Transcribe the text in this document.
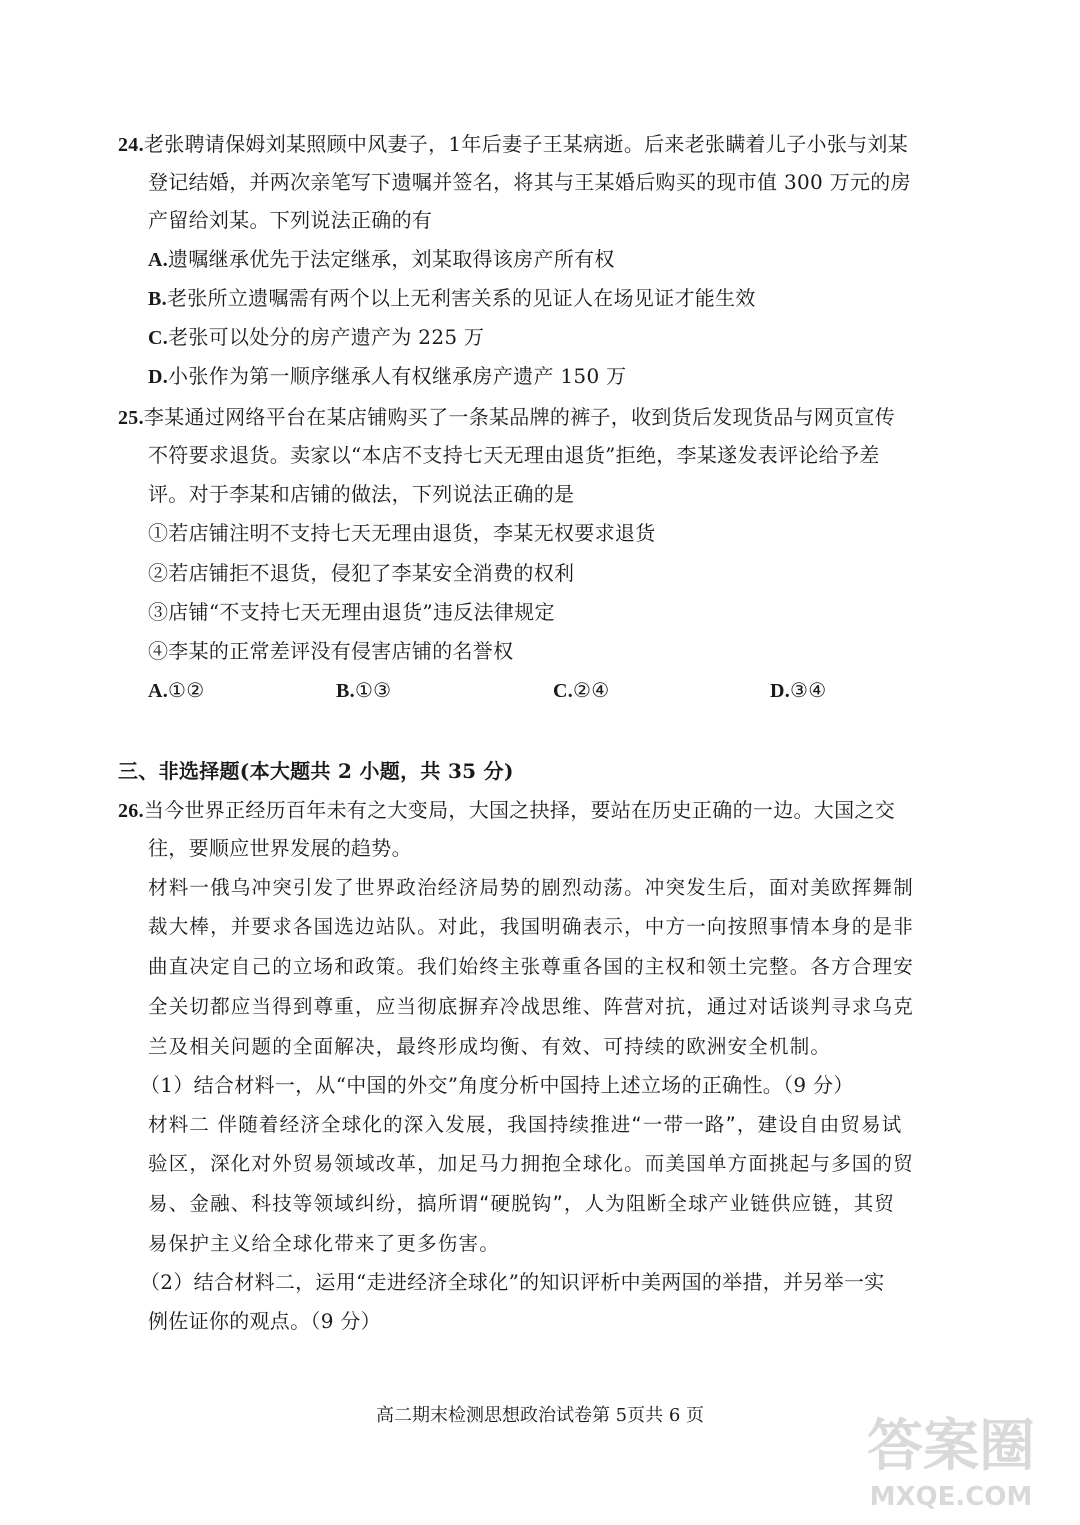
24.老张聘请保姆刘某照顾中风妻子，1年后妻子王某病逝。后来老张瞒着儿子小张与刘某
登记结婚，并两次亲笔写下遗嘱并签名，将其与王某婚后购买的现市值 300 万元的房
产留给刘某。下列说法正确的有
A.遗嘱继承优先于法定继承，刘某取得该房产所有权
B.老张所立遗嘱需有两个以上无利害关系的见证人在场见证才能生效
C.老张可以处分的房产遗产为 225 万
D.小张作为第一顺序继承人有权继承房产遗产 150 万
25.李某通过网络平台在某店铺购买了一条某品牌的裤子，收到货后发现货品与网页宣传
不符要求退货。卖家以“本店不支持七天无理由退货”拒绝，李某遂发表评论给予差
评。对于李某和店铺的做法，下列说法正确的是
①若店铺注明不支持七天无理由退货，李某无权要求退货
②若店铺拒不退货，侵犯了李某安全消费的权利
③店铺“不支持七天无理由退货”违反法律规定
④李某的正常差评没有侵害店铺的名誉权
A.①②	B.①③	C.②④	D.③④
三、非选择题(本大题共 2 小题，共 35 分)
26.当今世界正经历百年未有之大变局，大国之抉择，要站在历史正确的一边。大国之交
往，要顺应世界发展的趋势。
材料一俄乌冲突引发了世界政治经济局势的剧烈动荡。冲突发生后，面对美欧挥舞制
裁大棒，并要求各国选边站队。对此，我国明确表示，中方一向按照事情本身的是非
曲直决定自己的立场和政策。我们始终主张尊重各国的主权和领土完整。各方合理安
全关切都应当得到尊重，应当彻底摒弃冷战思维、阵营对抗，通过对话谈判寻求乌克
兰及相关问题的全面解决，最终形成均衡、有效、可持续的欧洲安全机制。
（1）结合材料一，从“中国的外交”角度分析中国持上述立场的正确性。（9 分）
材料二 伴随着经济全球化的深入发展，我国持续推进“一带一路”，建设自由贸易试
验区，深化对外贸易领域改革，加足马力拥抱全球化。而美国单方面挑起与多国的贸
易、金融、科技等领域纠纷，搞所谓“硬脱钩”，人为阻断全球产业链供应链，其贸
易保护主义给全球化带来了更多伤害。
（2）结合材料二，运用“走进经济全球化”的知识评析中美两国的举措，并另举一实
例佐证你的观点。（9 分）
高二期末检测思想政治试卷第 5页共 6 页	答案圈
MXQE.COM
